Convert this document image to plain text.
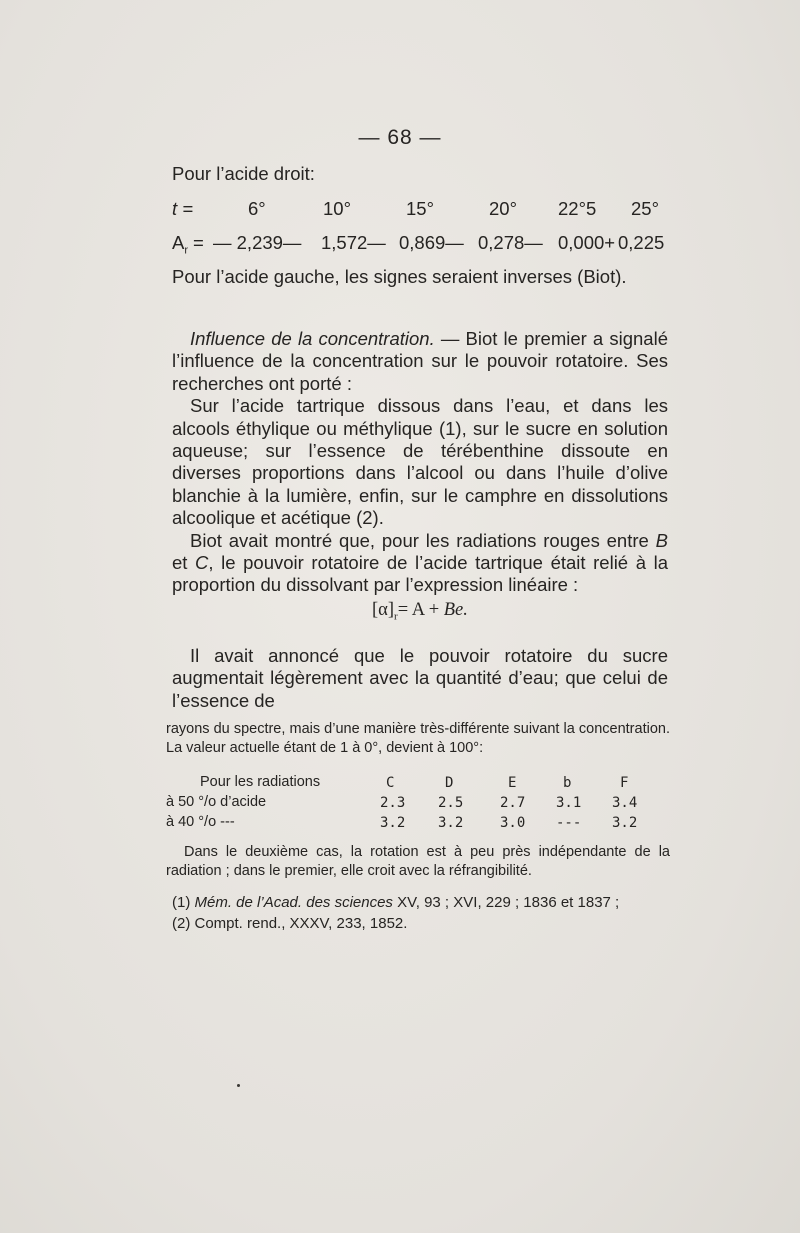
— 68 —
Pour l’acide droit:
t =	6°	10°	15°	20° 22°5 25°
$A_r$ = — 2,239— 1,572— 0,869— 0,278— 0,000+ 0,225
Pour l’acide gauche, les signes seraient inverses (Biot).

Influence de la concentration. — Biot le premier a signalé l’influence de la concentration sur le pouvoir rotatoire. Ses recherches ont porté :

Sur l’acide tartrique dissous dans l’eau, et dans les alcools éthylique ou méthylique (1), sur le sucre en solution aqueuse; sur l’essence de térébenthine dissoute en diverses proportions dans l’alcool ou dans l’huile d’olive blanchie à la lumière, enfin, sur le camphre en dissolutions alcoolique et acétique (2).

Biot avait montré que, pour les radiations rouges entre B et C, le pouvoir rotatoire de l’acide tartrique était relié à la proportion du dissolvant par l’expression linéaire :

$[\alpha]_r= A + Be$.

Il avait annoncé que le pouvoir rotatoire du sucre augmentait légèrement avec la quantité d’eau; que celui de l’essence de

rayons du spectre, mais d’une manière très-différente suivant la concentration. La valeur actuelle étant de 1 à 0°, devient à 100°:
Pour les radiations	C	D	E	b	F
à 50 °/o d’acide	2.3 2.5	2.7 3.1 3.4
à 40 °/o ---	3.2 3.2	3.0 --- 3.2
Dans le deuxième cas, la rotation est à peu près indépendante de la radiation ; dans le premier, elle croit avec la réfrangibilité.
(1) Mém. de l’Acad. des sciences XV, 93 ; XVI, 229 ; 1836 et 1837 ;
(2) Compt. rend., XXXV, 233, 1852.
